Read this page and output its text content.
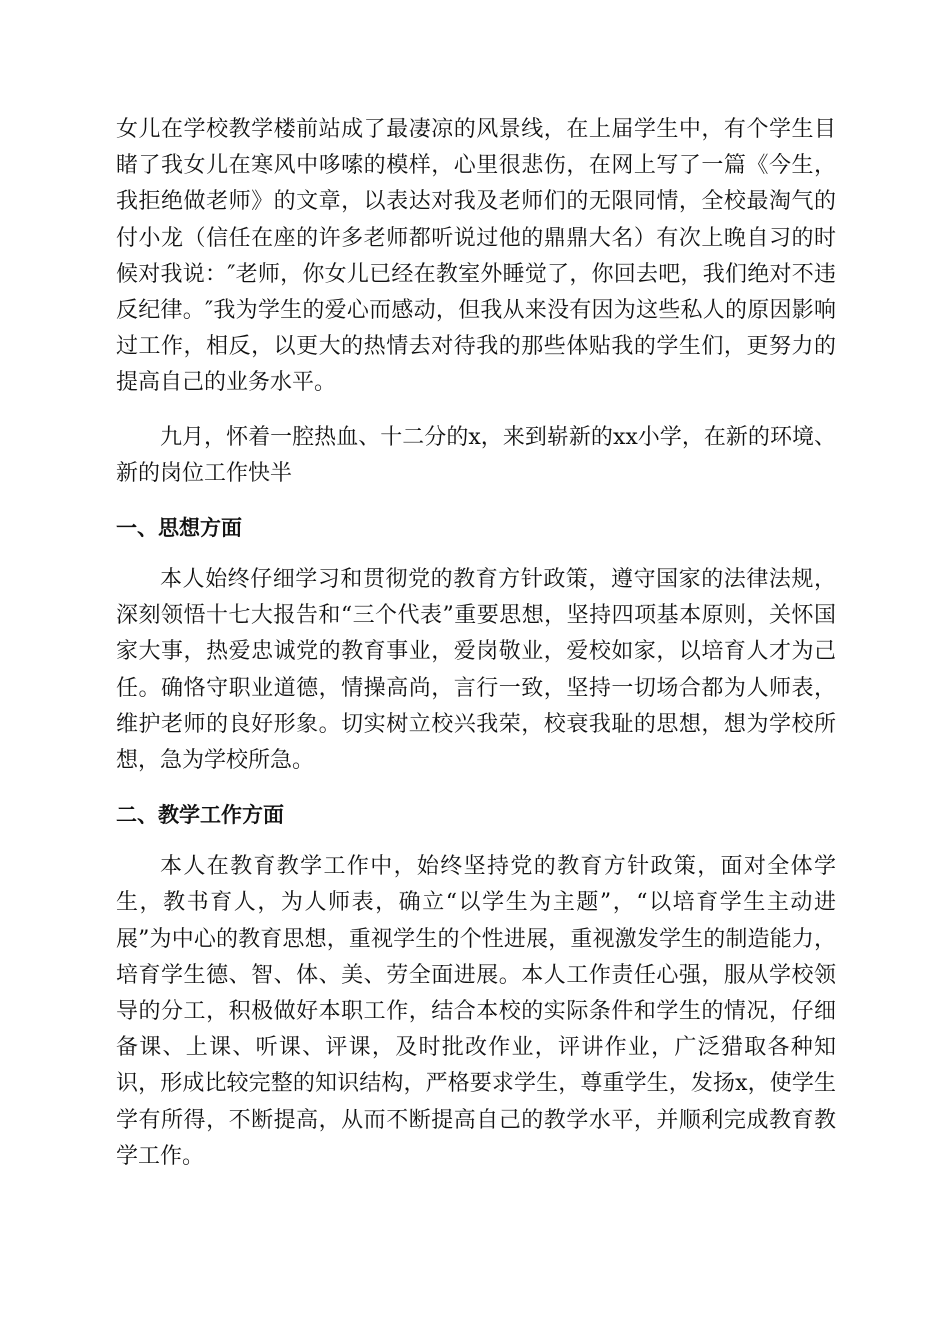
女儿在学校教学楼前站成了最凄凉的风景线，在上届学生中，有个学生目睹了我女儿在寒风中哆嗦的模样，心里很悲伤，在网上写了一篇《今生，我拒绝做老师》的文章，以表达对我及老师们的无限同情，全校最淘气的付小龙（信任在座的许多老师都听说过他的鼎鼎大名）有次上晚自习的时候对我说：″老师，你女儿已经在教室外睡觉了，你回去吧，我们绝对不违反纪律。″我为学生的爱心而感动，但我从来没有因为这些私人的原因影响过工作，相反，以更大的热情去对待我的那些体贴我的学生们，更努力的提高自己的业务水平。

九月，怀着一腔热血、十二分的x，来到崭新的xx小学，在新的环境、新的岗位工作快半

一、思想方面

本人始终仔细学习和贯彻党的教育方针政策，遵守国家的法律法规，深刻领悟十七大报告和“三个代表”重要思想，坚持四项基本原则，关怀国家大事，热爱忠诚党的教育事业，爱岗敬业，爱校如家，以培育人才为己任。确恪守职业道德，情操高尚，言行一致，坚持一切场合都为人师表，维护老师的良好形象。切实树立校兴我荣，校衰我耻的思想，想为学校所想，急为学校所急。

二、教学工作方面

本人在教育教学工作中，始终坚持党的教育方针政策，面对全体学生，教书育人，为人师表，确立“以学生为主题”，“以培育学生主动进展”为中心的教育思想，重视学生的个性进展，重视激发学生的制造能力，培育学生德、智、体、美、劳全面进展。本人工作责任心强，服从学校领导的分工，积极做好本职工作，结合本校的实际条件和学生的情况，仔细备课、上课、听课、评课，及时批改作业，评讲作业，广泛猎取各种知识，形成比较完整的知识结构，严格要求学生，尊重学生，发扬x，使学生学有所得，不断提高，从而不断提高自己的教学水平，并顺利完成教育教学工作。
